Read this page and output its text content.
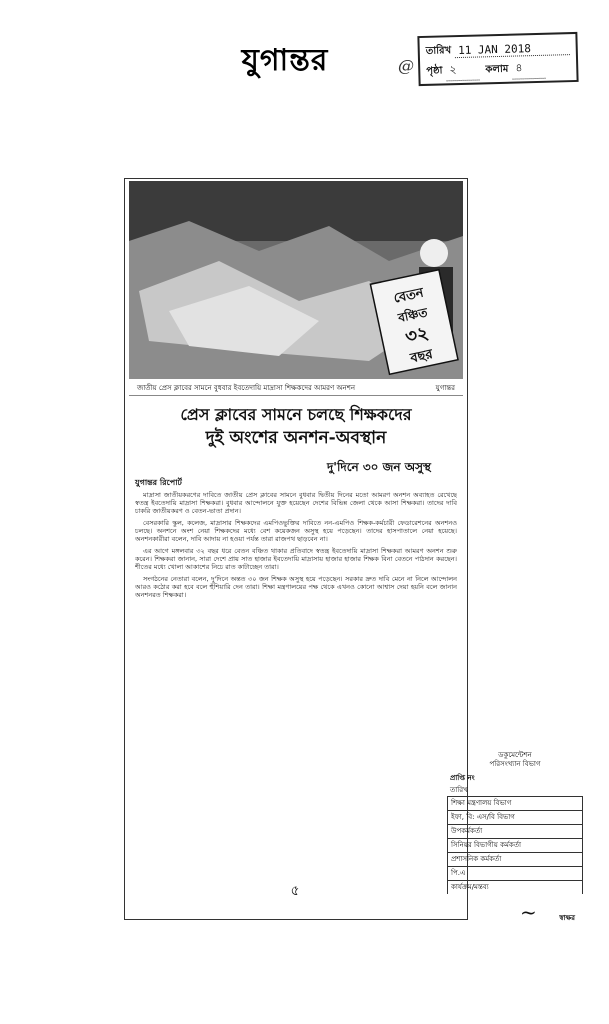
যুগান্তর	@
তারিখ 11 JAN 2018
পৃষ্ঠা ২	কলাম ৪
বেতন
বঞ্চিত
৩২
বছর
জাতীয় প্রেস ক্লাবের সামনে বুধবার ইবতেদায়ি মাদ্রাসা শিক্ষকদের আমরণ অনশন	যুগান্তর
প্রেস ক্লাবের সামনে চলছে শিক্ষকদের
দুই অংশের অনশন-অবস্থান
দু'দিনে ৩০ জন অসুস্থ
যুগান্তর রিপোর্ট

মাদ্রাসা জাতীয়করণের দাবিতে জাতীয় প্রেস ক্লাবের সামনে বুধবার দ্বিতীয় দিনের মতো আমরণ অনশন অব্যাহত রেখেছে স্বতন্ত্র ইবতেদায়ি মাদ্রাসা শিক্ষকরা। বুধবার আন্দোলনে যুক্ত হয়েছেন দেশের বিভিন্ন জেলা থেকে আসা শিক্ষকরা। তাদের দাবি চাকরি জাতীয়করণ ও বেতন-ভাতা প্রদান।

বেসরকারি স্কুল, কলেজ, মাদ্রাসার শিক্ষকদের এমপিওভুক্তির দাবিতে নন-এমপিও শিক্ষক-কর্মচারী ফেডারেশনের অনশনও চলছে। অনশনে অংশ নেয়া শিক্ষকদের মধ্যে বেশ কয়েকজন অসুস্থ হয়ে পড়েছেন। তাদের হাসপাতালে নেয়া হয়েছে। অনশনকারীরা বলেন, দাবি আদায় না হওয়া পর্যন্ত তারা রাজপথ ছাড়বেন না।

এর আগে মঙ্গলবার ৩২ বছর ধরে বেতন বঞ্চিত থাকার প্রতিবাদে স্বতন্ত্র ইবতেদায়ি মাদ্রাসা শিক্ষকরা আমরণ অনশন শুরু করেন। শিক্ষকরা জানান, সারা দেশে প্রায় সাত হাজার ইবতেদায়ি মাদ্রাসায় হাজার হাজার শিক্ষক বিনা বেতনে পাঠদান করছেন। শীতের মধ্যে খোলা আকাশের নিচে রাত কাটাচ্ছেন তারা।

সংগঠনের নেতারা বলেন, দু'দিনে অন্তত ৩০ জন শিক্ষক অসুস্থ হয়ে পড়েছেন। সরকার দ্রুত দাবি মেনে না নিলে আন্দোলন আরও কঠোর করা হবে বলে হুঁশিয়ারি দেন তারা। শিক্ষা মন্ত্রণালয়ের পক্ষ থেকে এখনও কোনো আশ্বাস দেয়া হয়নি বলে জানান অনশনরত শিক্ষকরা।

৫
ডকুমেন্টেশন
পরিসংখ্যান বিভাগ
প্রাপ্তি নং
তারিখ
শিক্ষা মন্ত্রণালয় বিভাগ
ইফা, বি: এস/বি বিভাগ
উপকর্মকর্তা
সিনিয়র বিভাগীয় কর্মকর্তা
প্রশাসনিক কর্মকর্তা
পি.এ
কার্যক্রম/মন্তব্য
স্বাক্ষর
~
